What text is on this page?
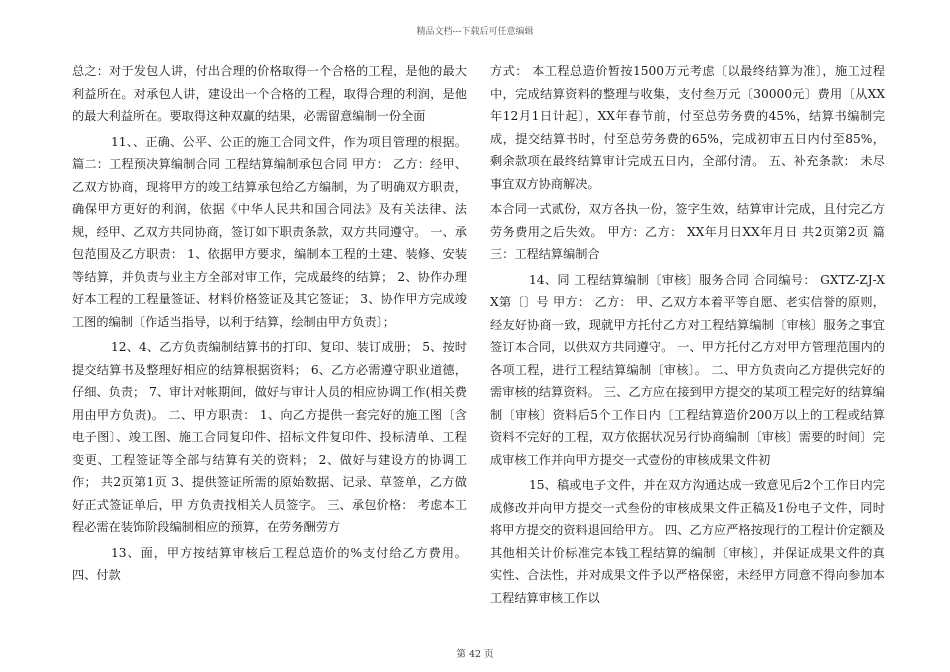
精品文档---下载后可任意编辑

总之：对于发包人讲，付出合理的价格取得一个合格的工程，是他的最大利益所在。对承包人讲，建设出一个合格的工程，取得合理的利润，是他的最大利益所在。要取得这种双赢的结果，必需留意编制一份全面

11、、正确、公平、公正的施工合同文件，作为项目管理的根据。 篇二：工程预决算编制合同 工程结算编制承包合同 甲方： 乙方：经甲、乙双方协商，现将甲方的竣工结算承包给乙方编制，为了明确双方职责，确保甲方更好的利润，依据《中华人民共和国合同法》及有关法律、法规，经甲、乙双方共同协商，签订如下职责条款，双方共同遵守。 一、承包范围及乙方职责： 1、依据甲方要求，编制本工程的土建、装修、安装等结算，并负责与业主方全部对审工作，完成最终的结算； 2、协作办理好本工程的工程量签证、材料价格签证及其它签证； 3、协作甲方完成竣工图的编制〔作适当指导，以利于结算，绘制由甲方负责〕；

12、4、乙方负责编制结算书的打印、复印、装订成册； 5、按时提交结算书及整理好相应的结算根据资料； 6、乙方必需遵守职业道德，仔细、负责； 7、审计对帐期间，做好与审计人员的相应协调工作(相关费用由甲方负责)。 二、甲方职责： 1、向乙方提供一套完好的施工图〔含电子图〕、竣工图、施工合同复印件、招标文件复印件、投标清单、工程变更、工程签证等全部与结算有关的资料； 2、做好与建设方的协调工作； 共2页第1页 3、提供签证所需的原始数据、记录、草签单，乙方做好正式签证单后，甲 方负责找相关人员签字。 三、承包价格： 考虑本工程必需在装饰阶段编制相应的预算，在劳务酬劳方

13、面，甲方按结算审核后工程总造价的%支付给乙方费用。 四、付款

方式： 本工程总造价暂按1500万元考虑〔以最终结算为准〕，施工过程中，完成结算资料的整理与收集，支付叁万元〔30000元〕费用〔从XX年12月1日计起〕，XX年春节前，付至总劳务费的45%，结算书编制完成，提交结算书时，付至总劳务费的65%，完成初审五日内付至85%，剩余款项在最终结算审计完成五日内，全部付清。 五、补充条款： 未尽事宜双方协商解决。

本合同一式贰份，双方各执一份，签字生效，结算审计完成，且付完乙方劳务费用之后失效。 甲方：乙方： XX年月日XX年月日 共2页第2页 篇三：工程结算编制合

14、同 工程结算编制〔审核〕服务合同 合同编号： GXTZ-ZJ-XX第〔〕号 甲方： 乙方： 甲、乙双方本着平等自愿、老实信誉的原则，经友好协商一致，现就甲方托付乙方对工程结算编制〔审核〕服务之事宜签订本合同，以供双方共同遵守。 一、甲方托付乙方对甲方管理范围内的各项工程，进行工程结算编制〔审核〕。 二、甲方负责向乙方提供完好的需审核的结算资料。 三、乙方应在接到甲方提交的某项工程完好的结算编制〔审核〕资料后5个工作日内〔工程结算造价200万以上的工程或结算资料不完好的工程，双方依据状况另行协商编制〔审核〕需要的时间〕完成审核工作并向甲方提交一式壹份的审核成果文件初

15、稿或电子文件，并在双方沟通达成一致意见后2个工作日内完成修改并向甲方提交一式叁份的审核成果文件正稿及1份电子文件，同时将甲方提交的资料退回给甲方。 四、乙方应严格按现行的工程计价定额及其他相关计价标准完本钱工程结算的编制〔审核〕，并保证成果文件的真实性、合法性，并对成果文件予以严格保密，未经甲方同意不得向参加本工程结算审核工作以

第 42 页
